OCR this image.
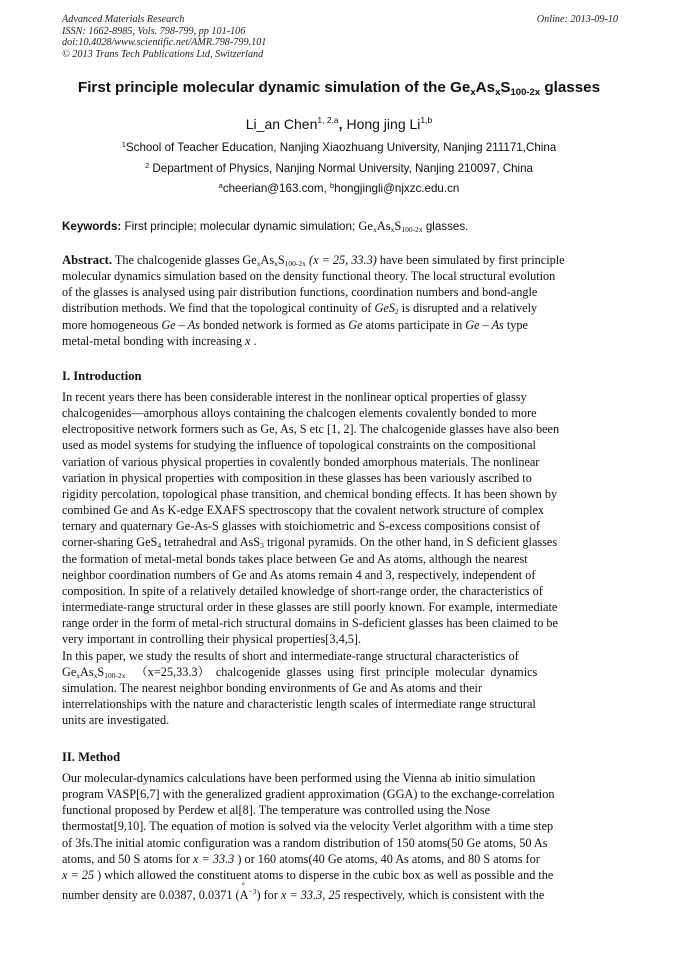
Advanced Materials Research
ISSN: 1662-8985, Vols. 798-799, pp 101-106
doi:10.4028/www.scientific.net/AMR.798-799.101
© 2013 Trans Tech Publications Ltd, Switzerland
Online: 2013-09-10
First principle molecular dynamic simulation of the $Ge_xAs_xS_{100-2x}$ glasses
Li_an Chen$^{1, 2,a}$, Hong jing Li$^{1,b}$
$^1$School of Teacher Education, Nanjing Xiaozhuang University, Nanjing 211171,China
$^2$ Department of Physics, Nanjing Normal University, Nanjing 210097, China
$^a$cheerian@163.com, $^b$hongjingli@njxzc.edu.cn
Keywords: First principle; molecular dynamic simulation; $Ge_xAs_xS_{100-2x}$ glasses.
Abstract. The chalcogenide glasses $Ge_xAs_xS_{100-2x}$ (x = 25, 33.3) have been simulated by first principle
molecular dynamics simulation based on the density functional theory. The local structural evolution
of the glasses is analysed using pair distribution functions, coordination numbers and bond-angle
distribution methods. We find that the topological continuity of GeS$_2$ is disrupted and a relatively
more homogeneous Ge – As bonded network is formed as Ge atoms participate in Ge – As type
metal-metal bonding with increasing x .
I. Introduction
In recent years there has been considerable interest in the nonlinear optical properties of glassy
chalcogenides—amorphous alloys containing the chalcogen elements covalently bonded to more
electropositive network formers such as Ge, As, S etc [1, 2]. The chalcogenide glasses have also been
used as model systems for studying the influence of topological constraints on the compositional
variation of various physical properties in covalently bonded amorphous materials. The nonlinear
variation in physical properties with composition in these glasses has been variously ascribed to
rigidity percolation, topological phase transition, and chemical bonding effects. It has been shown by
combined Ge and As K-edge EXAFS spectroscopy that the covalent network structure of complex
ternary and quaternary Ge-As-S glasses with stoichiometric and S-excess compositions consist of
corner-sharing GeS$_4$ tetrahedral and AsS$_3$ trigonal pyramids. On the other hand, in S deficient glasses
the formation of metal-metal bonds takes place between Ge and As atoms, although the nearest
neighbor coordination numbers of Ge and As atoms remain 4 and 3, respectively, independent of
composition. In spite of a relatively detailed knowledge of short-range order, the characteristics of
intermediate-range structural order in these glasses are still poorly known. For example, intermediate
range order in the form of metal-rich structural domains in S-deficient glasses has been claimed to be
very important in controlling their physical properties[3,4,5].
In this paper, we study the results of short and intermediate-range structural characteristics of
$Ge_xAs_xS_{100-2x}$ （x=25,33.3） chalcogenide glasses using first principle molecular dynamics
simulation. The nearest neighbor bonding environments of Ge and As atoms and their
interrelationships with the nature and characteristic length scales of intermediate range structural
units are investigated.
II. Method
Our molecular-dynamics calculations have been performed using the Vienna ab initio simulation
program VASP[6,7] with the generalized gradient approximation (GGA) to the exchange-correlation
functional proposed by Perdew et al[8]. The temperature was controlled using the Nose
thermostat[9,10]. The equation of motion is solved via the velocity Verlet algorithm with a time step
of 3fs.The initial atomic configuration was a random distribution of 150 atoms(50 Ge atoms, 50 As
atoms, and 50 S atoms for x = 33.3 ) or 160 atoms(40 Ge atoms, 40 As atoms, and 80 S atoms for
x = 25 ) which allowed the constituent atoms to disperse in the cubic box as well as possible and the
number density are 0.0387, 0.0371 (A
°
$^{-3}$) for x = 33.3, 25 respectively, which is consistent with the
